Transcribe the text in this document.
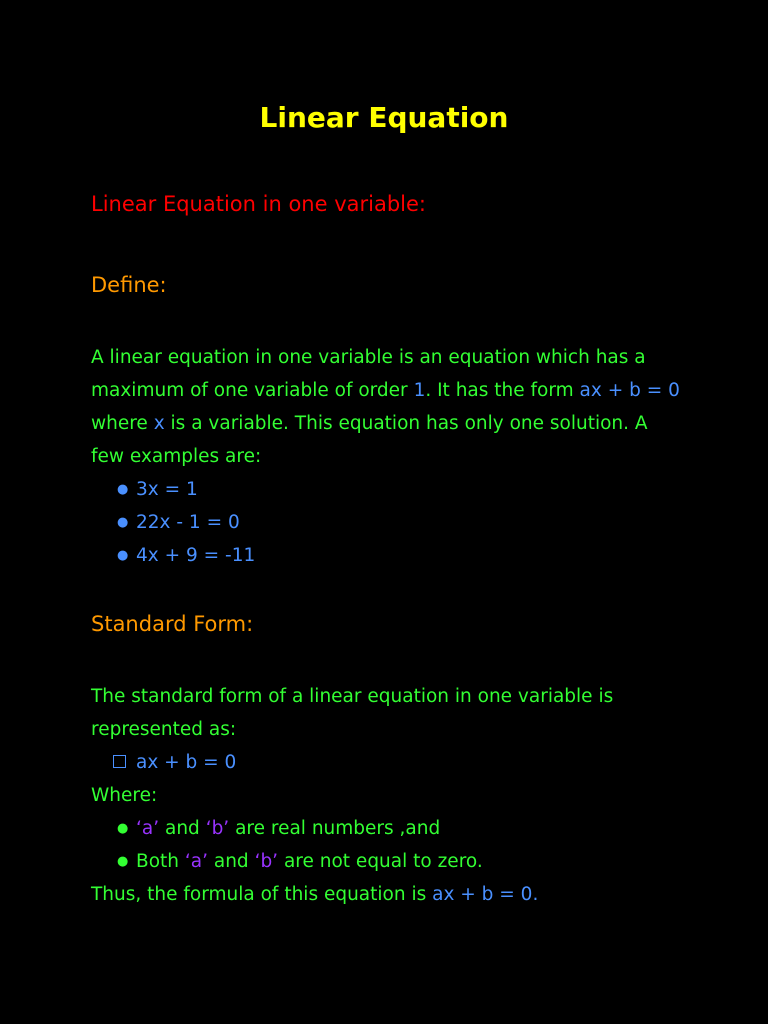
Linear Equation
Linear Equation in one variable:
Define:
A linear equation in one variable is an equation which has a
maximum of one variable of order 1. It has the form ax + b = 0
where x is a variable. This equation has only one solution. A
few examples are:
● 3x = 1
● 22x - 1 = 0
● 4x + 9 = -11
Standard Form:
The standard form of a linear equation in one variable is
represented as:
ax + b = 0
Where:
● ‘a’ and ‘b’ are real numbers ,and
● Both ‘a’ and ‘b’ are not equal to zero.
Thus, the formula of this equation is ax + b = 0.
